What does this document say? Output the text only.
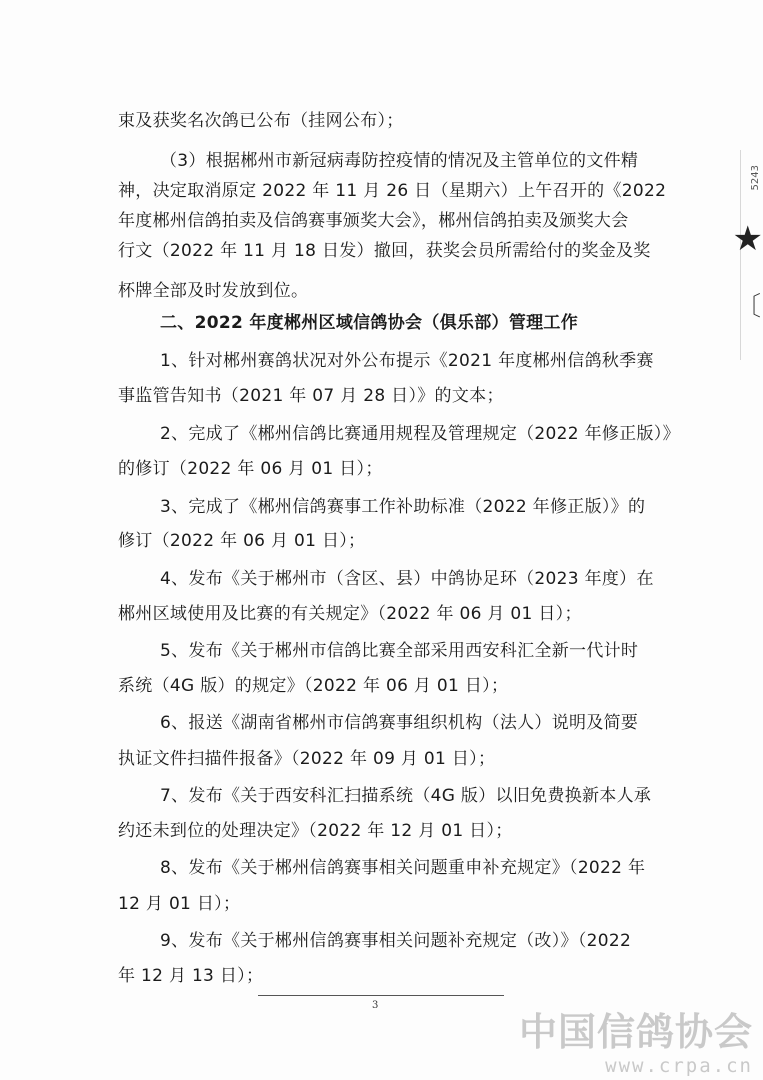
束及获奖名次鸽已公布（挂网公布）；
（3）根据郴州市新冠病毒防控疫情的情况及主管单位的文件精
神，决定取消原定 2022 年 11 月 26 日（星期六）上午召开的《2022
年度郴州信鸽拍卖及信鸽赛事颁奖大会》，郴州信鸽拍卖及颁奖大会
行文（2022 年 11 月 18 日发）撤回，获奖会员所需给付的奖金及奖
杯牌全部及时发放到位。
二、2022 年度郴州区域信鸽协会（俱乐部）管理工作
1、针对郴州赛鸽状况对外公布提示《2021 年度郴州信鸽秋季赛
事监管告知书（2021 年 07 月 28 日）》的文本；
2、完成了《郴州信鸽比赛通用规程及管理规定（2022 年修正版）》
的修订（2022 年 06 月 01 日）；
3、完成了《郴州信鸽赛事工作补助标准（2022 年修正版）》的
修订（2022 年 06 月 01 日）；
4、发布《关于郴州市（含区、县）中鸽协足环（2023 年度）在
郴州区域使用及比赛的有关规定》（2022 年 06 月 01 日）；
5、发布《关于郴州市信鸽比赛全部采用西安科汇全新一代计时
系统（4G 版）的规定》（2022 年 06 月 01 日）；
6、报送《湖南省郴州市信鸽赛事组织机构（法人）说明及简要
执证文件扫描件报备》（2022 年 09 月 01 日）；
7、发布《关于西安科汇扫描系统（4G 版）以旧免费换新本人承
约还未到位的处理决定》（2022 年 12 月 01 日）；
8、发布《关于郴州信鸽赛事相关问题重申补充规定》（2022 年
12 月 01 日）；
9、发布《关于郴州信鸽赛事相关问题补充规定（改）》（2022
年 12 月 13 日）；
5243
★
〔
3
中国信鸽协会
www.crpa.cn
